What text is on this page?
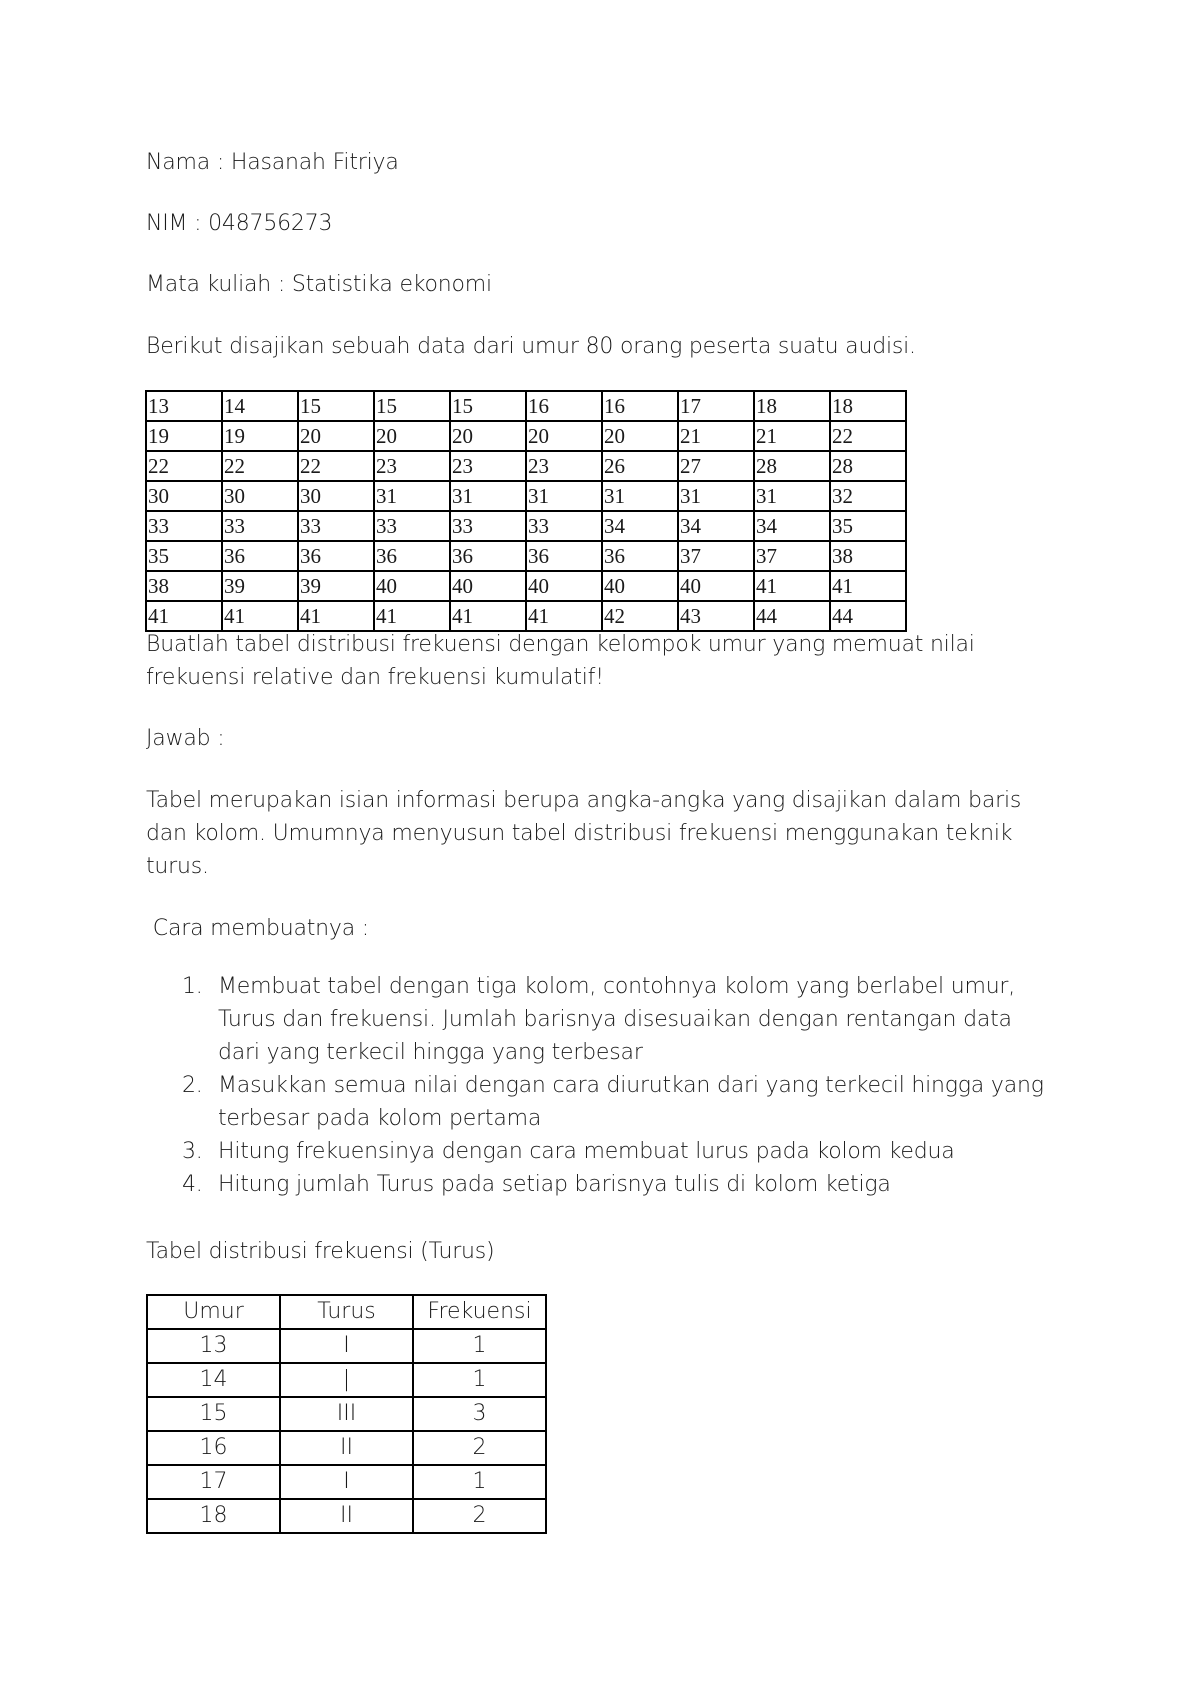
Nama : Hasanah Fitriya

NIM : 048756273

Mata kuliah : Statistika ekonomi

Berikut disajikan sebuah data dari umur 80 orang peserta suatu audisi.

13	14	15	15	15	16	16	17	18	18
19	19	20	20	20	20	20	21	21	22
22	22	22	23	23	23	26	27	28	28
30	30	30	31	31	31	31	31	31	32
33	33	33	33	33	33	34	34	34	35
35	36	36	36	36	36	36	37	37	38
38	39	39	40	40	40	40	40	41	41
41	41	41	41	41	41	42	43	44	44

Buatlah tabel distribusi frekuensi dengan kelompok umur yang memuat nilai

frekuensi relative dan frekuensi kumulatif!

Jawab :

Tabel merupakan isian informasi berupa angka-angka yang disajikan dalam baris

dan kolom. Umumnya menyusun tabel distribusi frekuensi menggunakan teknik

turus.

Cara membuatnya :

1. Membuat tabel dengan tiga kolom, contohnya kolom yang berlabel umur,
Turus dan frekuensi. Jumlah barisnya disesuaikan dengan rentangan data
dari yang terkecil hingga yang terbesar
2. Masukkan semua nilai dengan cara diurutkan dari yang terkecil hingga yang
terbesar pada kolom pertama
3. Hitung frekuensinya dengan cara membuat lurus pada kolom kedua
4. Hitung jumlah Turus pada setiap barisnya tulis di kolom ketiga

Tabel distribusi frekuensi (Turus)

Umur	Turus	Frekuensi
13	I	1
14	|	1
15	III	3
16	II	2
17	I	1
18	II	2
